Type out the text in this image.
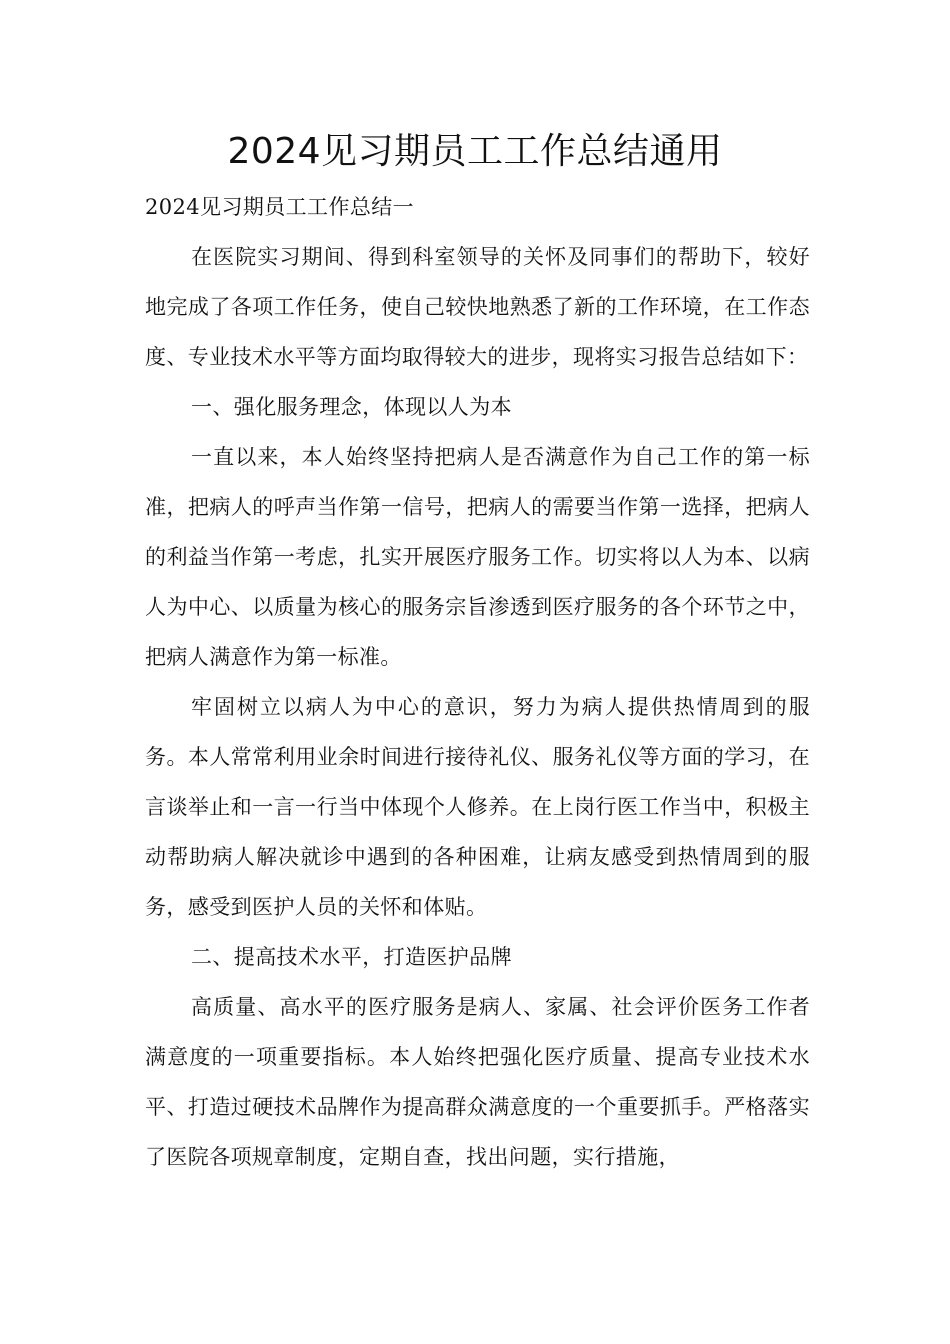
2024见习期员工工作总结通用

2024见习期员工工作总结一

在医院实习期间、得到科室领导的关怀及同事们的帮助下，较好地完成了各项工作任务，使自己较快地熟悉了新的工作环境，在工作态度、专业技术水平等方面均取得较大的进步，现将实习报告总结如下：

一、强化服务理念，体现以人为本

一直以来，本人始终坚持把病人是否满意作为自己工作的第一标准，把病人的呼声当作第一信号，把病人的需要当作第一选择，把病人的利益当作第一考虑，扎实开展医疗服务工作。切实将以人为本、以病人为中心、以质量为核心的服务宗旨渗透到医疗服务的各个环节之中，把病人满意作为第一标准。

牢固树立以病人为中心的意识，努力为病人提供热情周到的服务。本人常常利用业余时间进行接待礼仪、服务礼仪等方面的学习，在言谈举止和一言一行当中体现个人修养。在上岗行医工作当中，积极主动帮助病人解决就诊中遇到的各种困难，让病友感受到热情周到的服务，感受到医护人员的关怀和体贴。

二、提高技术水平，打造医护品牌

高质量、高水平的医疗服务是病人、家属、社会评价医务工作者满意度的一项重要指标。本人始终把强化医疗质量、提高专业技术水平、打造过硬技术品牌作为提高群众满意度的一个重要抓手。严格落实了医院各项规章制度，定期自查，找出问题，实行措施，
